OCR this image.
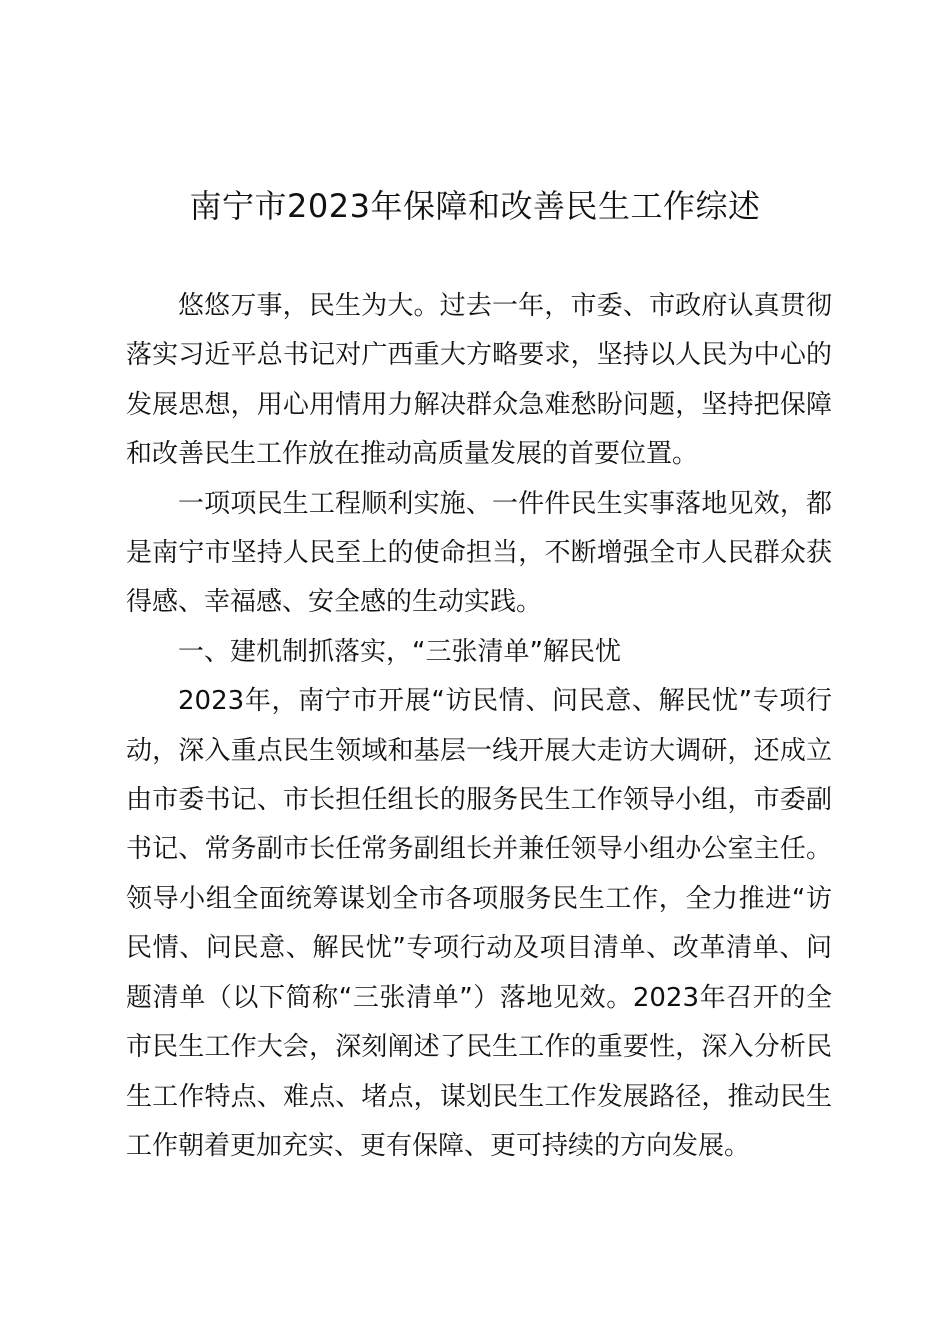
南宁市2023年保障和改善民生工作综述

悠悠万事，民生为大。过去一年，市委、市政府认真贯彻落实习近平总书记对广西重大方略要求，坚持以人民为中心的发展思想，用心用情用力解决群众急难愁盼问题，坚持把保障和改善民生工作放在推动高质量发展的首要位置。

一项项民生工程顺利实施、一件件民生实事落地见效，都是南宁市坚持人民至上的使命担当，不断增强全市人民群众获得感、幸福感、安全感的生动实践。

一、建机制抓落实，“三张清单”解民忧

2023年，南宁市开展“访民情、问民意、解民忧”专项行动，深入重点民生领域和基层一线开展大走访大调研，还成立由市委书记、市长担任组长的服务民生工作领导小组，市委副书记、常务副市长任常务副组长并兼任领导小组办公室主任。领导小组全面统筹谋划全市各项服务民生工作，全力推进“访民情、问民意、解民忧”专项行动及项目清单、改革清单、问题清单（以下简称“三张清单”）落地见效。2023年召开的全市民生工作大会，深刻阐述了民生工作的重要性，深入分析民生工作特点、难点、堵点，谋划民生工作发展路径，推动民生工作朝着更加充实、更有保障、更可持续的方向发展。
